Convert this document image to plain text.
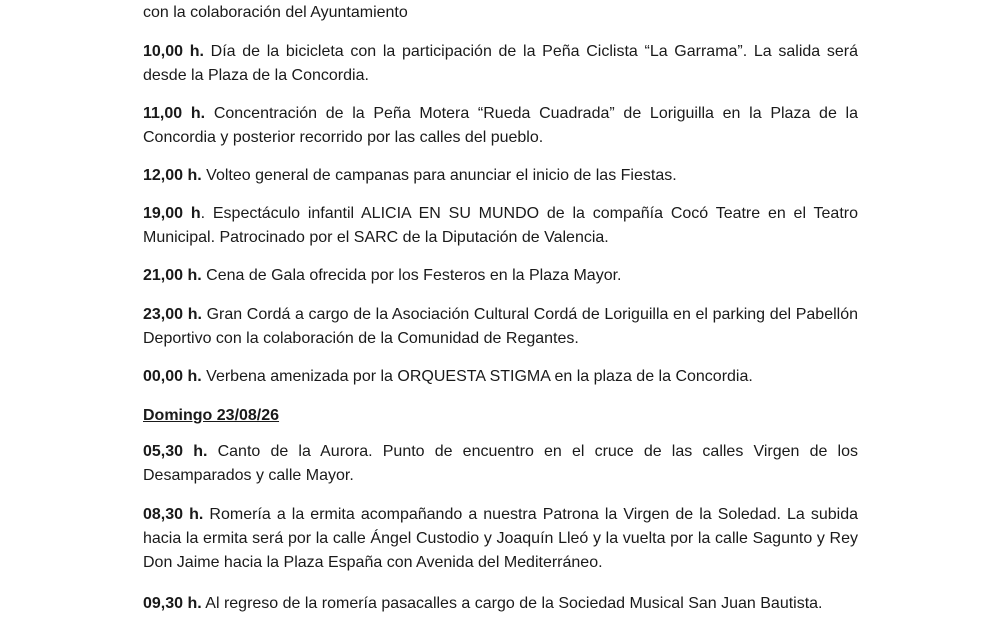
con la colaboración del Ayuntamiento

10,00 h. Día de la bicicleta con la participación de la Peña Ciclista “La Garrama”. La salida será desde la Plaza de la Concordia.

11,00 h. Concentración de la Peña Motera “Rueda Cuadrada” de Loriguilla en la Plaza de la Concordia y posterior recorrido por las calles del pueblo.

12,00 h. Volteo general de campanas para anunciar el inicio de las Fiestas.

19,00 h. Espectáculo infantil ALICIA EN SU MUNDO de la compañía Cocó Teatre en el Teatro Municipal. Patrocinado por el SARC de la Diputación de Valencia.

21,00 h. Cena de Gala ofrecida por los Festeros en la Plaza Mayor.

23,00 h. Gran Cordá a cargo de la Asociación Cultural Cordá de Loriguilla en el parking del Pabellón Deportivo con la colaboración de la Comunidad de Regantes.

00,00 h. Verbena amenizada por la ORQUESTA STIGMA en la plaza de la Concordia.

Domingo 23/08/26

05,30 h. Canto de la Aurora. Punto de encuentro en el cruce de las calles Virgen de los Desamparados y calle Mayor.

08,30 h. Romería a la ermita acompañando a nuestra Patrona la Virgen de la Soledad. La subida hacia la ermita será por la calle Ángel Custodio y Joaquín Lleó y la vuelta por la calle Sagunto y Rey Don Jaime hacia la Plaza España con Avenida del Mediterráneo.

09,30 h. Al regreso de la romería pasacalles a cargo de la Sociedad Musical San Juan Bautista.
